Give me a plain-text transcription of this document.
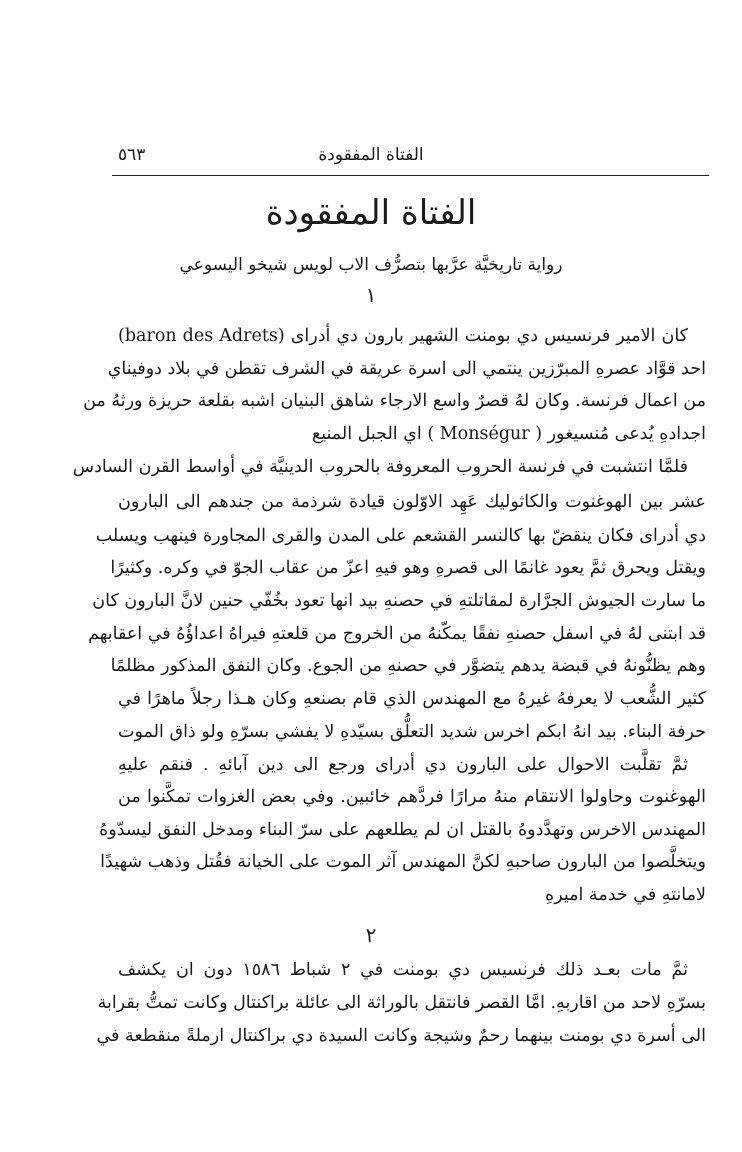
٥٦٣	الفتاة المفقودة
الفتاة المفقودة
رواية تاريخيَّة عرَّبها بتصرُّف الاب لويس شيخو اليسوعي
١
كان الامير فرنسيس دي بومنت الشهير بارون دي أدراى (baron des Adrets)
احد قوَّاد عصرهِ المبرّزين ينتمي الى اسرة عريقة في الشرف تقطن في بلاد دوفيناي
من اعمال فرنسة. وكان لهُ قصرٌ واسع الارجاء شاهق البنيان اشبه بقلعة حريزة ورثهُ من
اجدادهِ يُدعى مُنسيغور ( Monségur ) اي الجبل المنيع
فلمَّا انتشبت في فرنسة الحروب المعروفة بالحروب الدينيَّة في أواسط القرن السادس
عشر بين الهوغنوت والكاثوليك عَهِد الاوّلون قيادة شرذمة من جندهم الى البارون
دي أدراى فكان ينقضّ بها كالنسر القشعم على المدن والقرى المجاورة فينهب ويسلب
ويقتل ويحرق ثمَّ يعود غانمًا الى قصرهِ وهو فيهِ اعزّ من عقاب الجوّ في وكره. وكثيرًا
ما سارت الجيوش الجرَّارة لمقاتلتهِ في حصنهِ بيد انها تعود بخُفّي حنين لانَّ البارون كان
قد ابتنى لهُ في اسفل حصنهِ نفقًا يمكّنهُ من الخروج من قلعتهِ فيراهُ اعداؤُهُ في اعقابهم
وهم يظنُّونهُ في قبضة يدهم يتضوَّر في حصنهِ من الجوع. وكان النفق المذكور مظلمًا
كثير الشُّعب لا يعرفهُ غيرهُ مع المهندس الذي قام بصنعهِ وكان هـذا رجلاً ماهرًا في
حرفة البناء. بيد انهُ ابكم اخرس شديد التعلُّق بسيّدهِ لا يفشي بسرّهِ ولو ذاق الموت
ثمَّ تقلَّبت الاحوال على البارون دي أدراى ورجع الى دين آبائهِ . فنقم عليهِ
الهوغنوت وحاولوا الانتقام منهُ مرارًا فردَّهم خائبين. وفي بعض الغزوات تمكَّنوا من
المهندس الاخرس وتهدَّدوهُ بالقتل ان لم يطلعهم على سرّ البناء ومدخل النفق ليسدّوهُ
ويتخلَّصوا من البارون صاحبهِ لكنَّ المهندس آثر الموت على الخيانة فقُتل وذهب شهيدًا
لامانتهِ في خدمة اميرهِ
٢
ثمَّ مات بعـد ذلك فرنسيس دي بومنت في ٢ شباط ١٥٨٦ دون ان يكشف
بسرّهِ لاحد من اقاربهِ. امَّا القصر فانتقل بالوراثة الى عائلة براكنتال وكانت تمتُّ بقرابة
الى أسرة دي بومنت بينهما رحمٌ وشيجة وكانت السيدة دي براكنتال ارملةً منقطعة في
